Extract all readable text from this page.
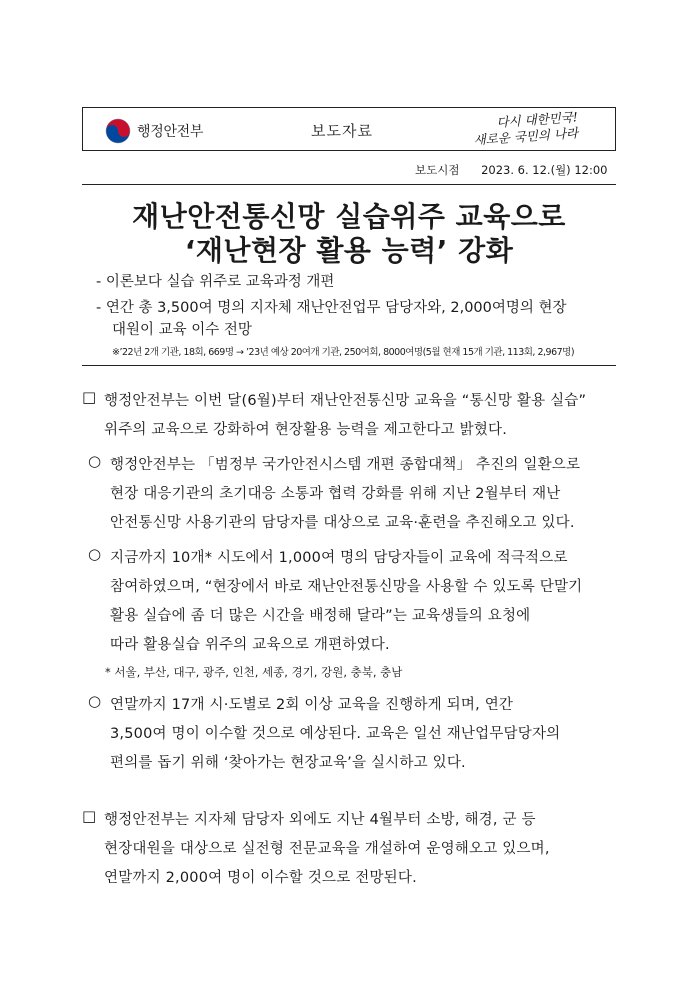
행정안전부	보도자료
다시 대한민국!
새로운 국민의 나라
보도시점 2023. 6. 12.(월) 12:00
재난안전통신망 실습위주 교육으로
‘재난현장 활용 능력’ 강화
- 이론보다 실습 위주로 교육과정 개편
- 연간 총 3,500여 명의 지자체 재난안전업무 담당자와, 2,000여명의 현장
대원이 교육 이수 전망
※’22년 2개 기관, 18회, 669명 → ’23년 예상 20여개 기관, 250여회, 8000여명(5월 현재 15개 기관, 113회, 2,967명)
□ 행정안전부는 이번 달(6월)부터 재난안전통신망 교육을 “통신망 활용 실습”
위주의 교육으로 강화하여 현장활용 능력을 제고한다고 밝혔다.
○ 행정안전부는 「범정부 국가안전시스템 개편 종합대책」 추진의 일환으로
현장 대응기관의 초기대응 소통과 협력 강화를 위해 지난 2월부터 재난
안전통신망 사용기관의 담당자를 대상으로 교육·훈련을 추진해오고 있다.
○ 지금까지 10개* 시도에서 1,000여 명의 담당자들이 교육에 적극적으로
참여하였으며, “현장에서 바로 재난안전통신망을 사용할 수 있도록 단말기
활용 실습에 좀 더 많은 시간을 배정해 달라”는 교육생들의 요청에
따라 활용실습 위주의 교육으로 개편하였다.
* 서울, 부산, 대구, 광주, 인천, 세종, 경기, 강원, 충북, 충남
○ 연말까지 17개 시·도별로 2회 이상 교육을 진행하게 되며, 연간
3,500여 명이 이수할 것으로 예상된다. 교육은 일선 재난업무담당자의
편의를 돕기 위해 ‘찾아가는 현장교육’을 실시하고 있다.
□ 행정안전부는 지자체 담당자 외에도 지난 4월부터 소방, 해경, 군 등
현장대원을 대상으로 실전형 전문교육을 개설하여 운영해오고 있으며,
연말까지 2,000여 명이 이수할 것으로 전망된다.
